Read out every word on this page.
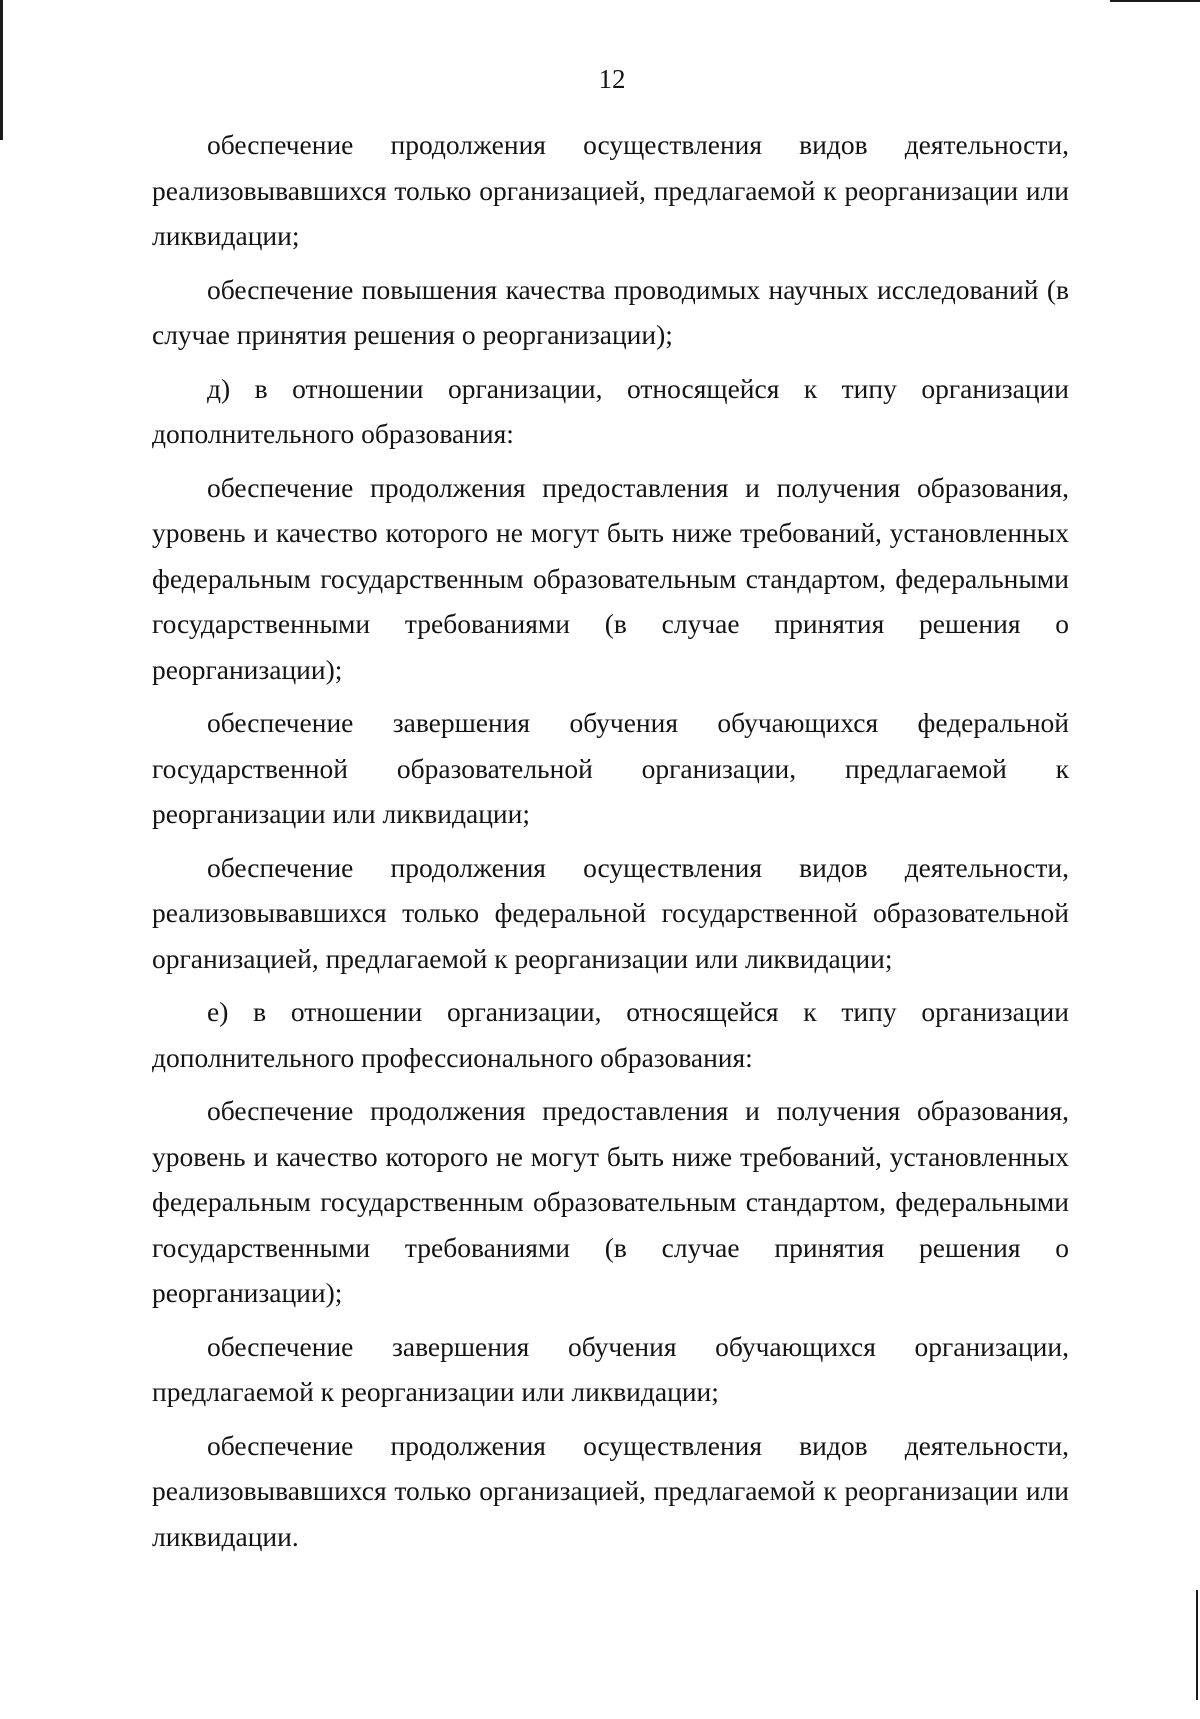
12

обеспечение продолжения осуществления видов деятельности, реализовывавшихся только организацией, предлагаемой к реорганизации или ликвидации;

обеспечение повышения качества проводимых научных исследований (в случае принятия решения о реорганизации);

д) в отношении организации, относящейся к типу организации дополнительного образования:

обеспечение продолжения предоставления и получения образования, уровень и качество которого не могут быть ниже требований, установленных федеральным государственным образовательным стандартом, федеральными государственными требованиями (в случае принятия решения о реорганизации);

обеспечение завершения обучения обучающихся федеральной государственной образовательной организации, предлагаемой к реорганизации или ликвидации;

обеспечение продолжения осуществления видов деятельности, реализовывавшихся только федеральной государственной образовательной организацией, предлагаемой к реорганизации или ликвидации;

е) в отношении организации, относящейся к типу организации дополнительного профессионального образования:

обеспечение продолжения предоставления и получения образования, уровень и качество которого не могут быть ниже требований, установленных федеральным государственным образовательным стандартом, федеральными государственными требованиями (в случае принятия решения о реорганизации);

обеспечение завершения обучения обучающихся организации, предлагаемой к реорганизации или ликвидации;

обеспечение продолжения осуществления видов деятельности, реализовывавшихся только организацией, предлагаемой к реорганизации или ликвидации.
